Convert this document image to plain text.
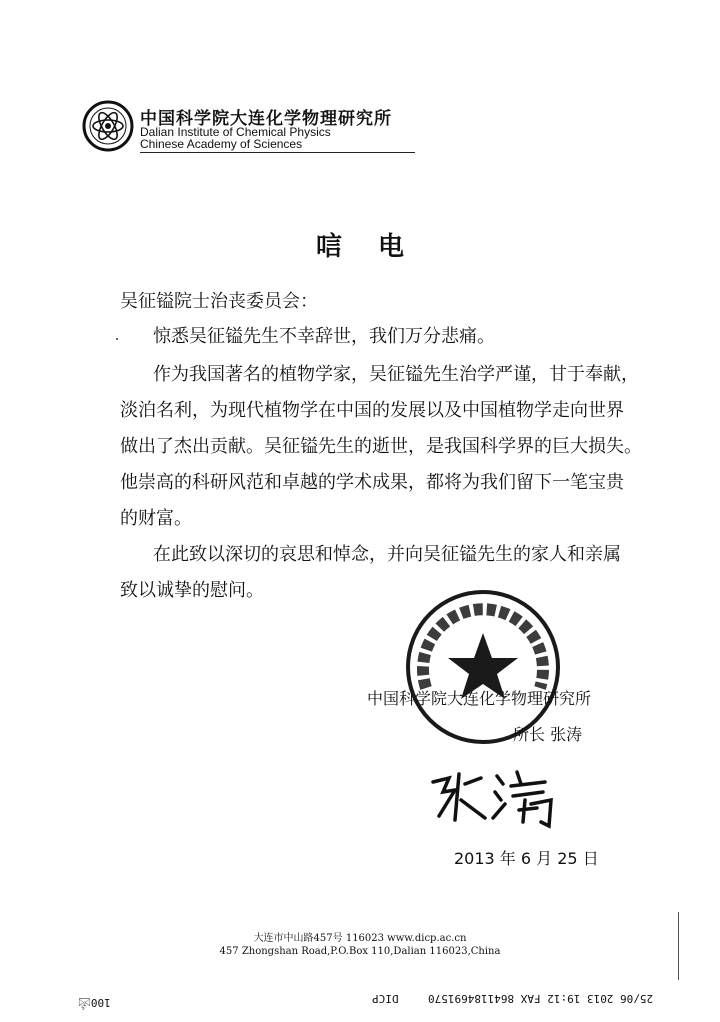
中国科学院大连化学物理研究所
Dalian Institute of Chemical Physics
Chinese Academy of Sciences
唁电
吴征镒院士治丧委员会：
惊悉吴征镒先生不幸辞世，我们万分悲痛。
作为我国著名的植物学家，吴征镒先生治学严谨，甘于奉献，
淡泊名利，为现代植物学在中国的发展以及中国植物学走向世界
做出了杰出贡献。吴征镒先生的逝世，是我国科学界的巨大损失。
他崇高的科研风范和卓越的学术成果，都将为我们留下一笔宝贵
的财富。
在此致以深切的哀思和悼念，并向吴征镒先生的家人和亲属
致以诚挚的慰问。
中国科学院大连化学物理研究所
所长 张涛
2013 年 6 月 25 日
大连市中山路457号 116023 www.dicp.ac.cn
457 Zhongshan Road,P.O.Box 110,Dalian 116023,China
100🖄	DICP	25/06 2013 19:12 FAX 8641184691570
